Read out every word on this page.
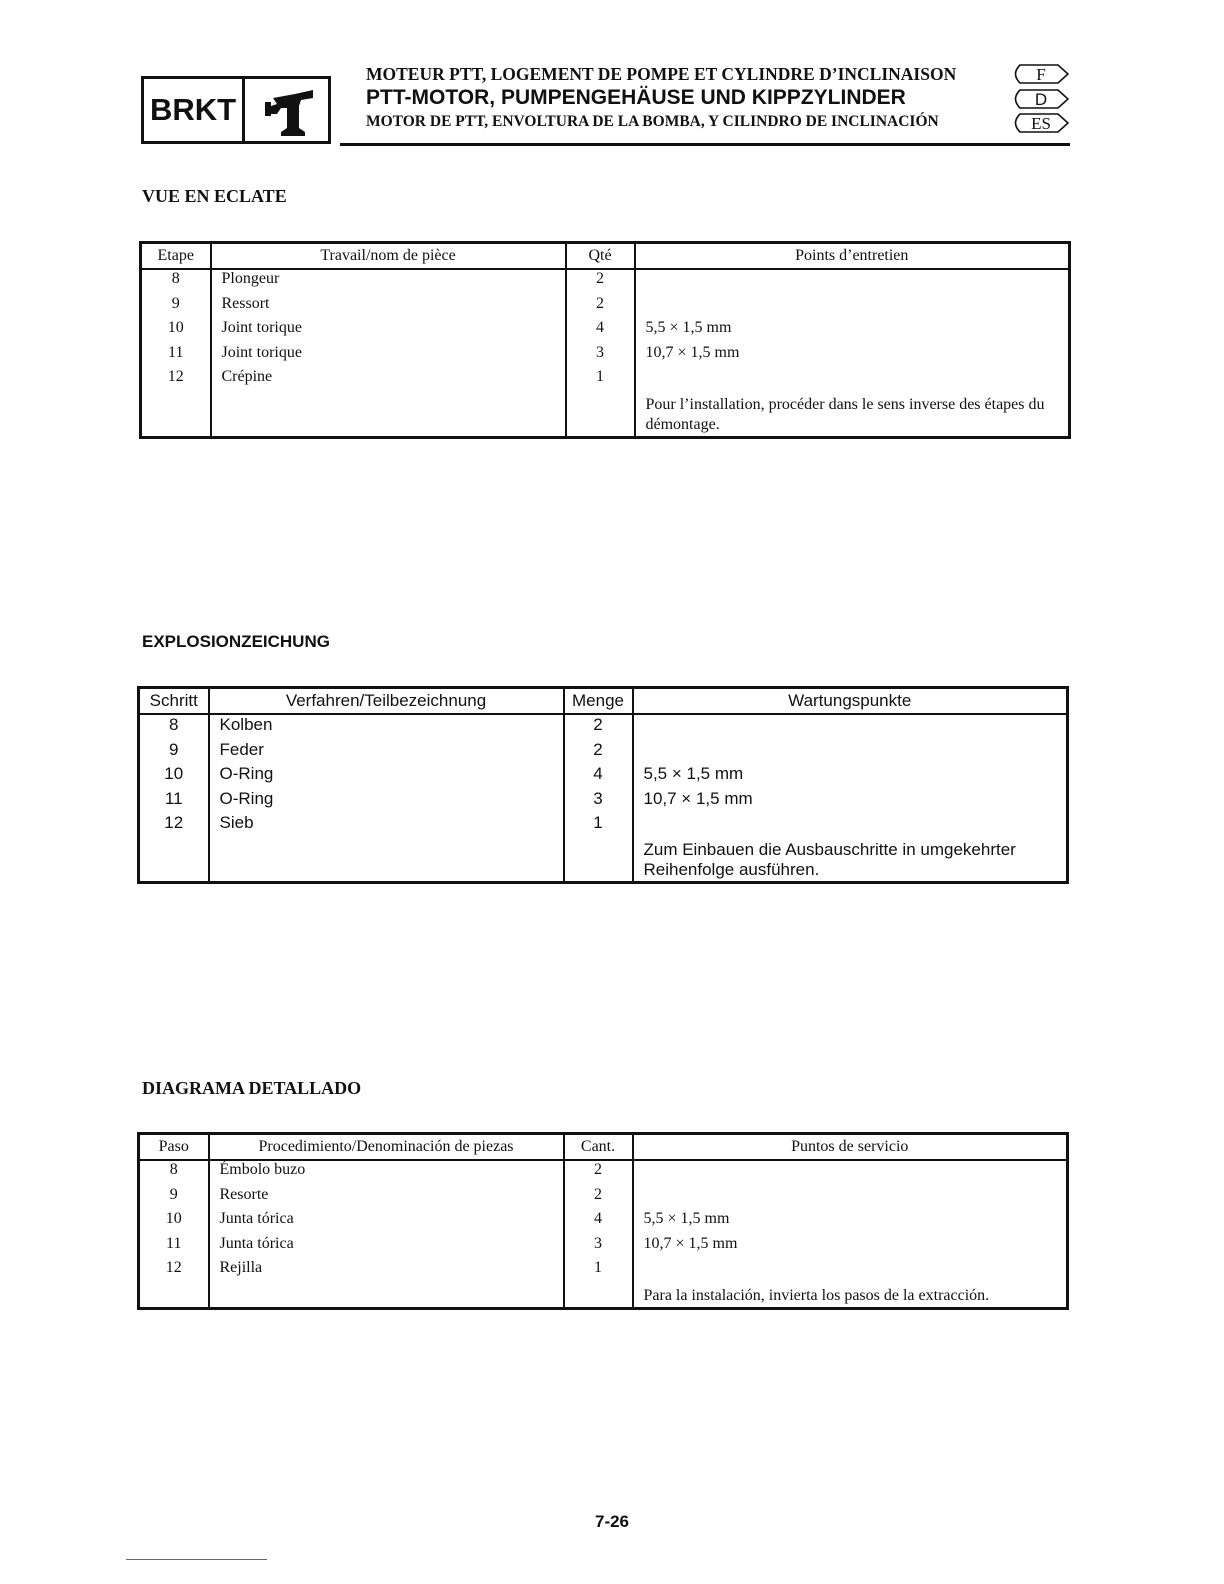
BRKT
MOTEUR PTT, LOGEMENT DE POMPE ET CYLINDRE D’INCLINAISON
PTT-MOTOR, PUMPENGEHÄUSE UND KIPPZYLINDER
MOTOR DE PTT, ENVOLTURA DE LA BOMBA, Y CILINDRO DE INCLINACIÓN
F
D
ES
VUE EN ECLATE
Etape	Travail/nom de pièce	Qté	Points d’entretien
8	Plongeur	2	
9	Ressort	2	
10	Joint torique	4	5,5 × 1,5 mm
11	Joint torique	3	10,7 × 1,5 mm
12	Crépine	1	
			Pour l’installation, procéder dans le sens inverse des étapes du démontage.
EXPLOSIONZEICHUNG
Schritt	Verfahren/Teilbezeichnung	Menge	Wartungspunkte
8	Kolben	2	
9	Feder	2	
10	O-Ring	4	5,5 × 1,5 mm
11	O-Ring	3	10,7 × 1,5 mm
12	Sieb	1	
			Zum Einbauen die Ausbauschritte in umgekehrter Reihenfolge ausführen.
DIAGRAMA DETALLADO
Paso	Procedimiento/Denominación de piezas	Cant.	Puntos de servicio
8	Émbolo buzo	2	
9	Resorte	2	
10	Junta tórica	4	5,5 × 1,5 mm
11	Junta tórica	3	10,7 × 1,5 mm
12	Rejilla	1	
			Para la instalación, invierta los pasos de la extracción.
7-26
